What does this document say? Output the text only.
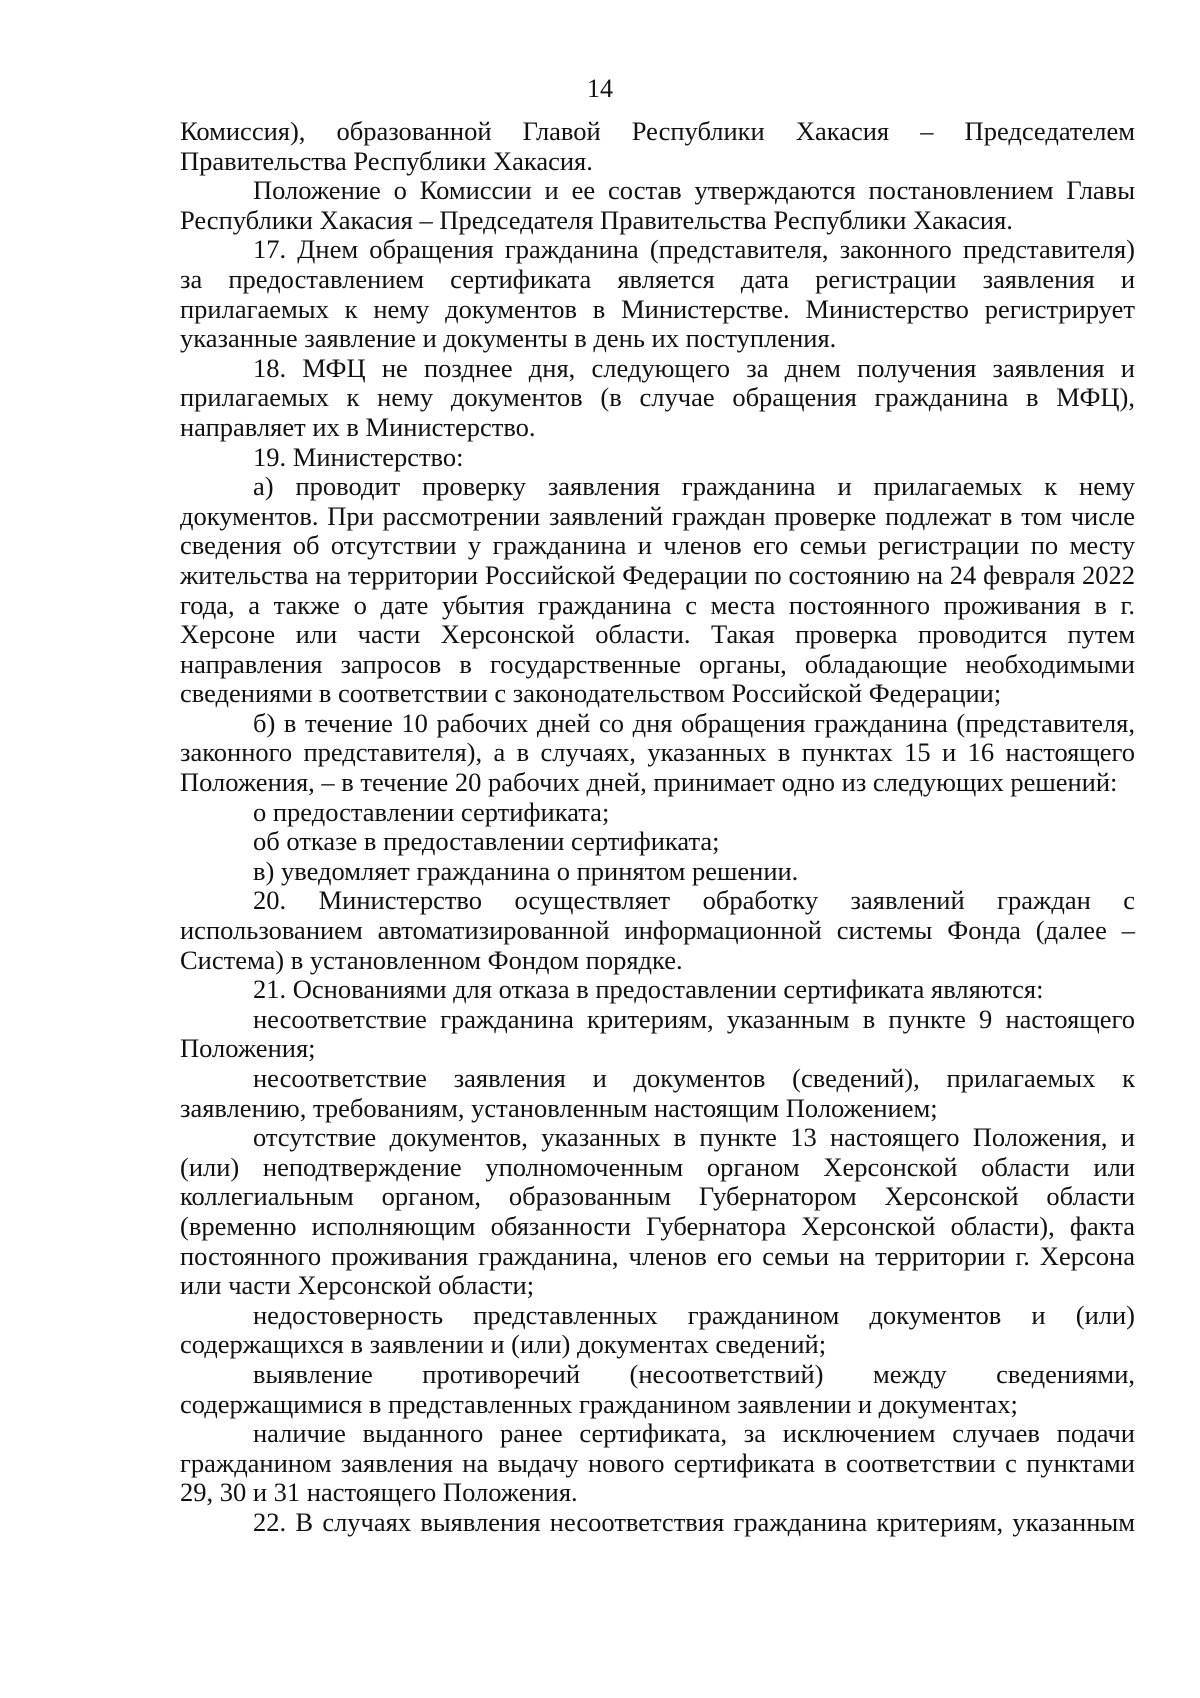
14

Комиссия), образованной Главой Республики Хакасия – Председателем Правительства Республики Хакасия.

Положение о Комиссии и ее состав утверждаются постановлением Главы Республики Хакасия – Председателя Правительства Республики Хакасия.

17. Днем обращения гражданина (представителя, законного представителя) за предоставлением сертификата является дата регистрации заявления и прилагаемых к нему документов в Министерстве. Министерство регистрирует указанные заявление и документы в день их поступления.

18. МФЦ не позднее дня, следующего за днем получения заявления и прилагаемых к нему документов (в случае обращения гражданина в МФЦ), направляет их в Министерство.

19. Министерство:

а) проводит проверку заявления гражданина и прилагаемых к нему документов. При рассмотрении заявлений граждан проверке подлежат в том числе сведения об отсутствии у гражданина и членов его семьи регистрации по месту жительства на территории Российской Федерации по состоянию на 24 февраля 2022 года, а также о дате убытия гражданина с места постоянного проживания в г. Херсоне или части Херсонской области. Такая проверка проводится путем направления запросов в государственные органы, обладающие необходимыми сведениями в соответствии с законодательством Российской Федерации;

б) в течение 10 рабочих дней со дня обращения гражданина (представителя, законного представителя), а в случаях, указанных в пунктах 15 и 16 настоящего Положения, – в течение 20 рабочих дней, принимает одно из следующих решений:

о предоставлении сертификата;

об отказе в предоставлении сертификата;

в) уведомляет гражданина о принятом решении.

20. Министерство осуществляет обработку заявлений граждан с использованием автоматизированной информационной системы Фонда (далее – Система) в установленном Фондом порядке.

21. Основаниями для отказа в предоставлении сертификата являются:

несоответствие гражданина критериям, указанным в пункте 9 настоящего Положения;

несоответствие заявления и документов (сведений), прилагаемых к заявлению, требованиям, установленным настоящим Положением;

отсутствие документов, указанных в пункте 13 настоящего Положения, и (или) неподтверждение уполномоченным органом Херсонской области или коллегиальным органом, образованным Губернатором Херсонской области (временно исполняющим обязанности Губернатора Херсонской области), факта постоянного проживания гражданина, членов его семьи на территории г. Херсона или части Херсонской области;

недостоверность представленных гражданином документов и (или) содержащихся в заявлении и (или) документах сведений;

выявление противоречий (несоответствий) между сведениями, содержащимися в представленных гражданином заявлении и документах;

наличие выданного ранее сертификата, за исключением случаев подачи гражданином заявления на выдачу нового сертификата в соответствии с пунктами 29, 30 и 31 настоящего Положения.

22. В случаях выявления несоответствия гражданина критериям, указанным
